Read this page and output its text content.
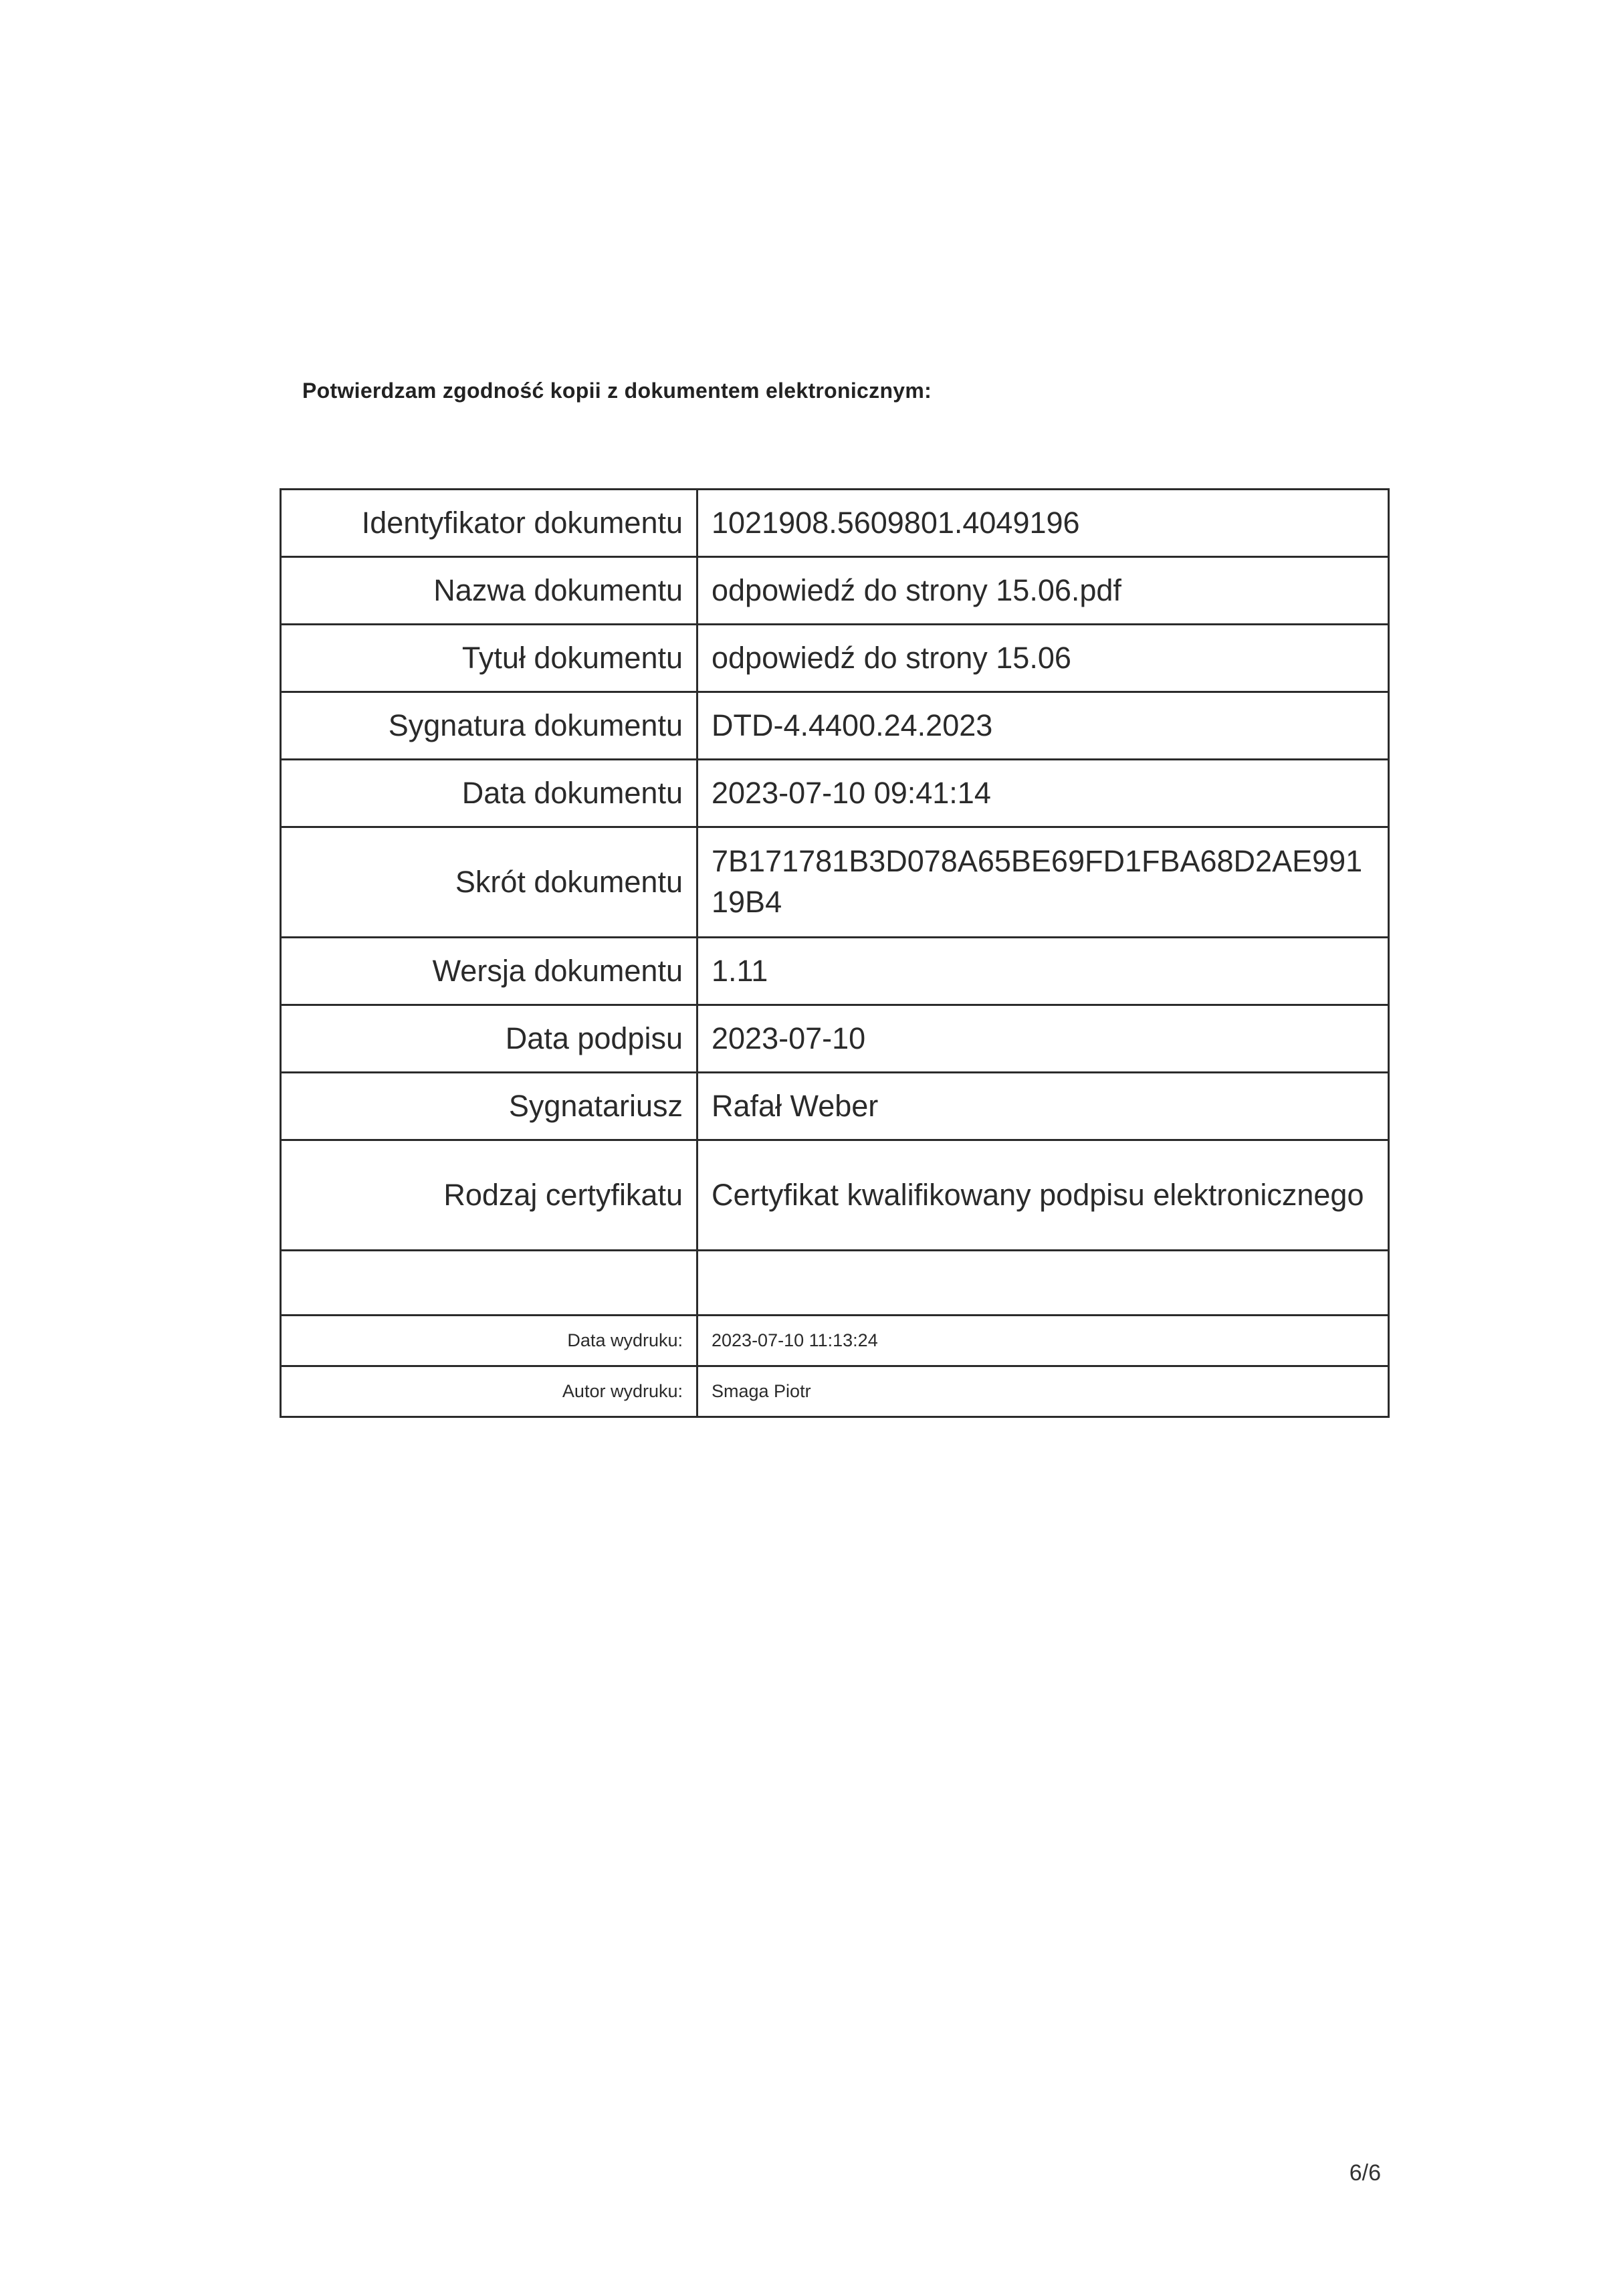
Potwierdzam zgodność kopii z dokumentem elektronicznym:
Identyfikator dokumentu	1021908.5609801.4049196
Nazwa dokumentu	odpowiedź do strony 15.06.pdf
Tytuł dokumentu	odpowiedź do strony 15.06
Sygnatura dokumentu	DTD-4.4400.24.2023
Data dokumentu	2023-07-10 09:41:14
Skrót dokumentu	7B171781B3D078A65BE69FD1FBA68D2AE99119B4
Wersja dokumentu	1.11
Data podpisu	2023-07-10
Sygnatariusz	Rafał Weber
Rodzaj certyfikatu	Certyfikat kwalifikowany podpisu elektronicznego

Data wydruku:	2023-07-10 11:13:24
Autor wydruku:	Smaga Piotr
6/6
